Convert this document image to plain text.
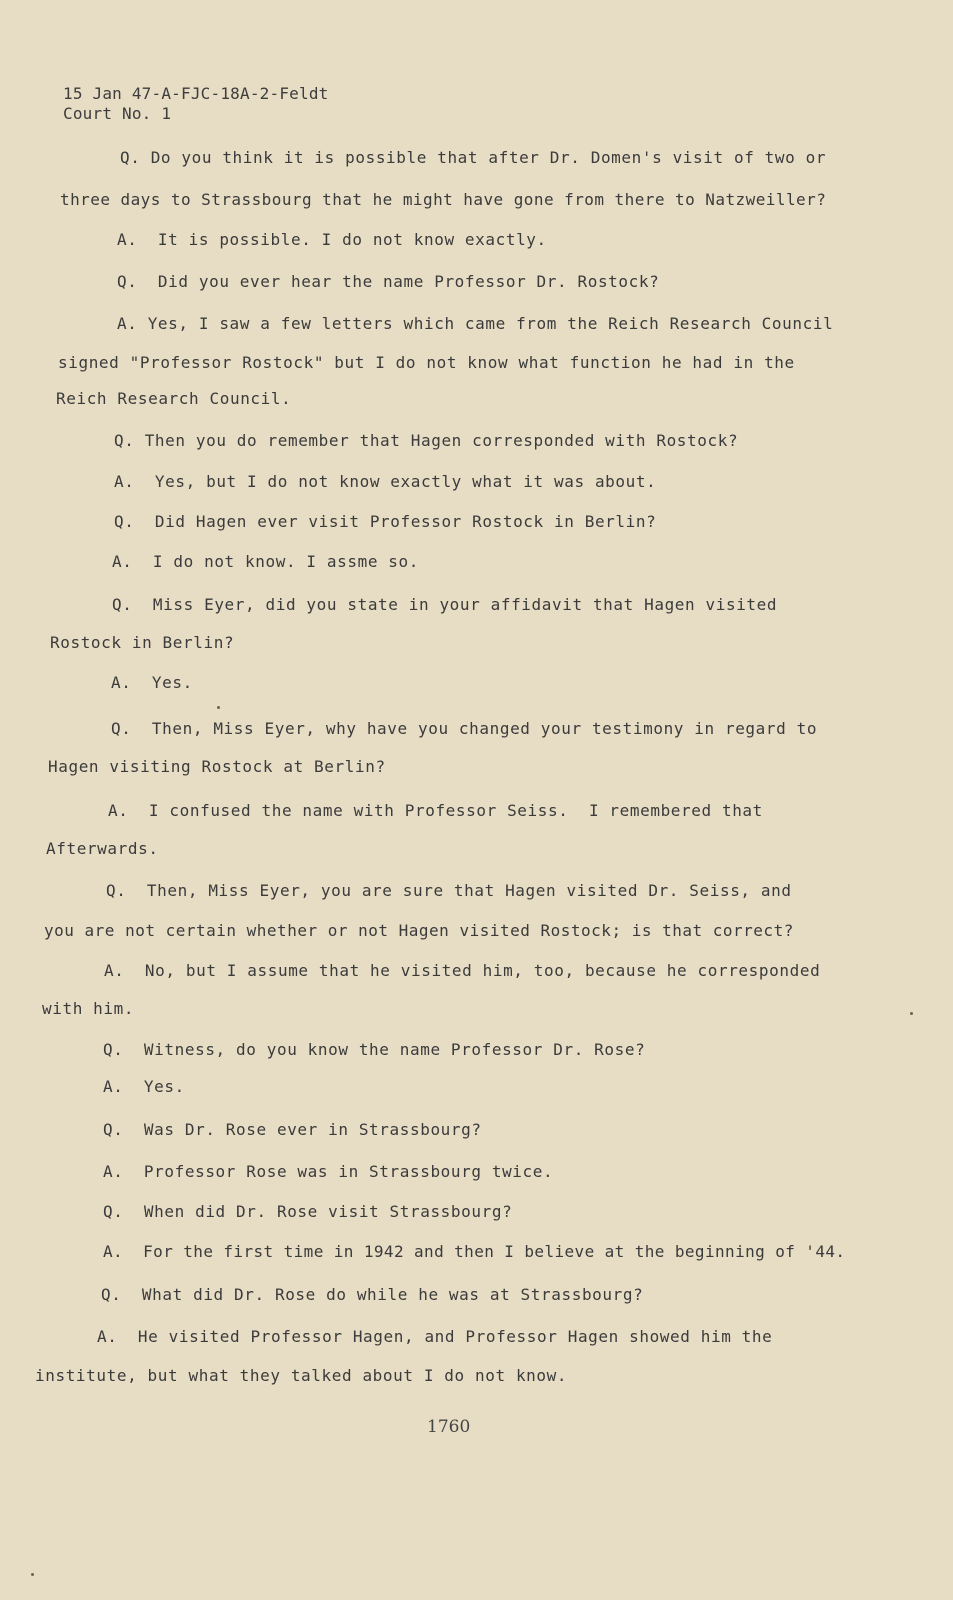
15 Jan 47-A-FJC-18A-2-Feldt
Court No. 1
Q. Do you think it is possible that after Dr. Domen's visit of two or
three days to Strassbourg that he might have gone from there to Natzweiller?
A.  It is possible. I do not know exactly.
Q.  Did you ever hear the name Professor Dr. Rostock?
A. Yes, I saw a few letters which came from the Reich Research Council
signed "Professor Rostock" but I do not know what function he had in the
Reich Research Council.
Q. Then you do remember that Hagen corresponded with Rostock?
A.  Yes, but I do not know exactly what it was about.
Q.  Did Hagen ever visit Professor Rostock in Berlin?
A.  I do not know. I assme so.
Q.  Miss Eyer, did you state in your affidavit that Hagen visited
Rostock in Berlin?
A.  Yes.
Q.  Then, Miss Eyer, why have you changed your testimony in regard to
Hagen visiting Rostock at Berlin?
A.  I confused the name with Professor Seiss.  I remembered that
Afterwards.
Q.  Then, Miss Eyer, you are sure that Hagen visited Dr. Seiss, and
you are not certain whether or not Hagen visited Rostock; is that correct?
A.  No, but I assume that he visited him, too, because he corresponded
with him.
Q.  Witness, do you know the name Professor Dr. Rose?
A.  Yes.
Q.  Was Dr. Rose ever in Strassbourg?
A.  Professor Rose was in Strassbourg twice.
Q.  When did Dr. Rose visit Strassbourg?
A.  For the first time in 1942 and then I believe at the beginning of '44.
Q.  What did Dr. Rose do while he was at Strassbourg?
A.  He visited Professor Hagen, and Professor Hagen showed him the
institute, but what they talked about I do not know.
1760
